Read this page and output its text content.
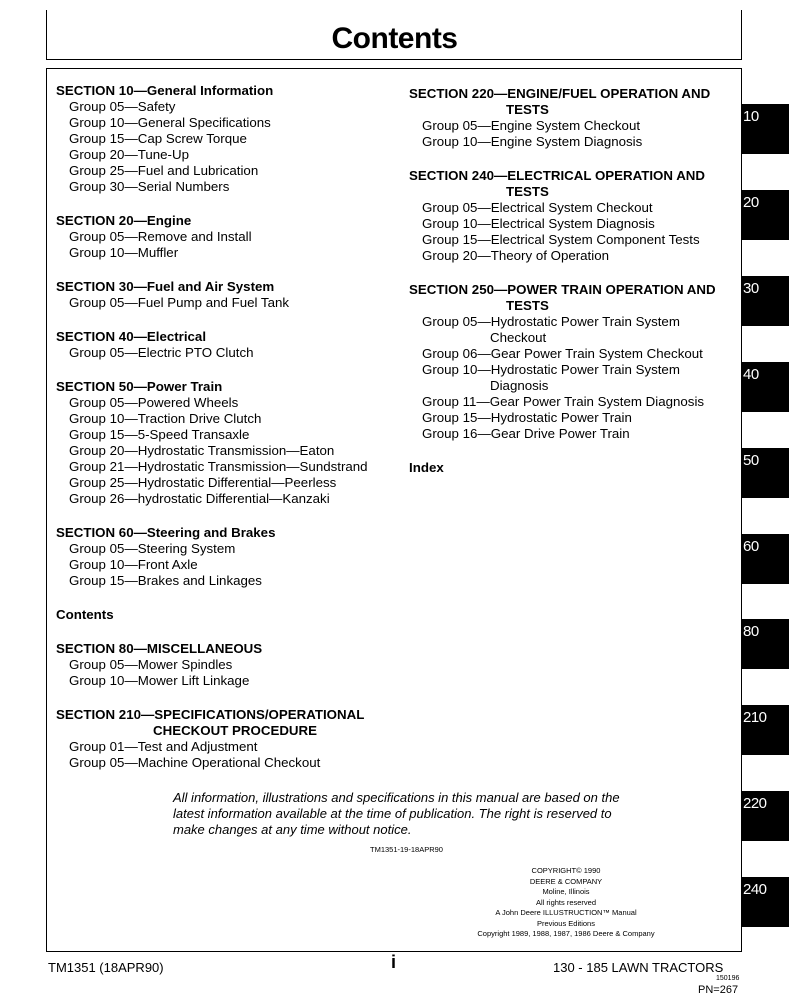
Contents
SECTION 10—General Information
Group 05—Safety
Group 10—General Specifications
Group 15—Cap Screw Torque
Group 20—Tune-Up
Group 25—Fuel and Lubrication
Group 30—Serial Numbers
SECTION 20—Engine
Group 05—Remove and Install
Group 10—Muffler
SECTION 30—Fuel and Air System
Group 05—Fuel Pump and Fuel Tank
SECTION 40—Electrical
Group 05—Electric PTO Clutch
SECTION 50—Power Train
Group 05—Powered Wheels
Group 10—Traction Drive Clutch
Group 15—5-Speed Transaxle
Group 20—Hydrostatic Transmission—Eaton
Group 21—Hydrostatic Transmission—Sundstrand
Group 25—Hydrostatic Differential—Peerless
Group 26—hydrostatic Differential—Kanzaki
SECTION 60—Steering and Brakes
Group 05—Steering System
Group 10—Front Axle
Group 15—Brakes and Linkages
Contents
SECTION 80—MISCELLANEOUS
Group 05—Mower Spindles
Group 10—Mower Lift Linkage
SECTION 210—SPECIFICATIONS/OPERATIONAL
CHECKOUT PROCEDURE
Group 01—Test and Adjustment
Group 05—Machine Operational Checkout
SECTION 220—ENGINE/FUEL OPERATION AND
TESTS
Group 05—Engine System Checkout
Group 10—Engine System Diagnosis
SECTION 240—ELECTRICAL OPERATION AND
TESTS
Group 05—Electrical System Checkout
Group 10—Electrical System Diagnosis
Group 15—Electrical System Component Tests
Group 20—Theory of Operation
SECTION 250—POWER TRAIN OPERATION AND
TESTS
Group 05—Hydrostatic Power Train System
Checkout
Group 06—Gear Power Train System Checkout
Group 10—Hydrostatic Power Train System
Diagnosis
Group 11—Gear Power Train System Diagnosis
Group 15—Hydrostatic Power Train
Group 16—Gear Drive Power Train
Index
All information, illustrations and specifications in this manual are based on the latest information available at the time of publication. The right is reserved to make changes at any time without notice.
TM1351-19-18APR90
COPYRIGHT© 1990
DEERE & COMPANY
Moline, Illinois
All rights reserved
A John Deere ILLUSTRUCTION™ Manual
Previous Editions
Copyright 1989, 1988, 1987, 1986 Deere & Company
10
20
30
40
50
60
80
210
220
240
TM1351 (18APR90)	i	130 - 185 LAWN TRACTORS
150196
PN=267
